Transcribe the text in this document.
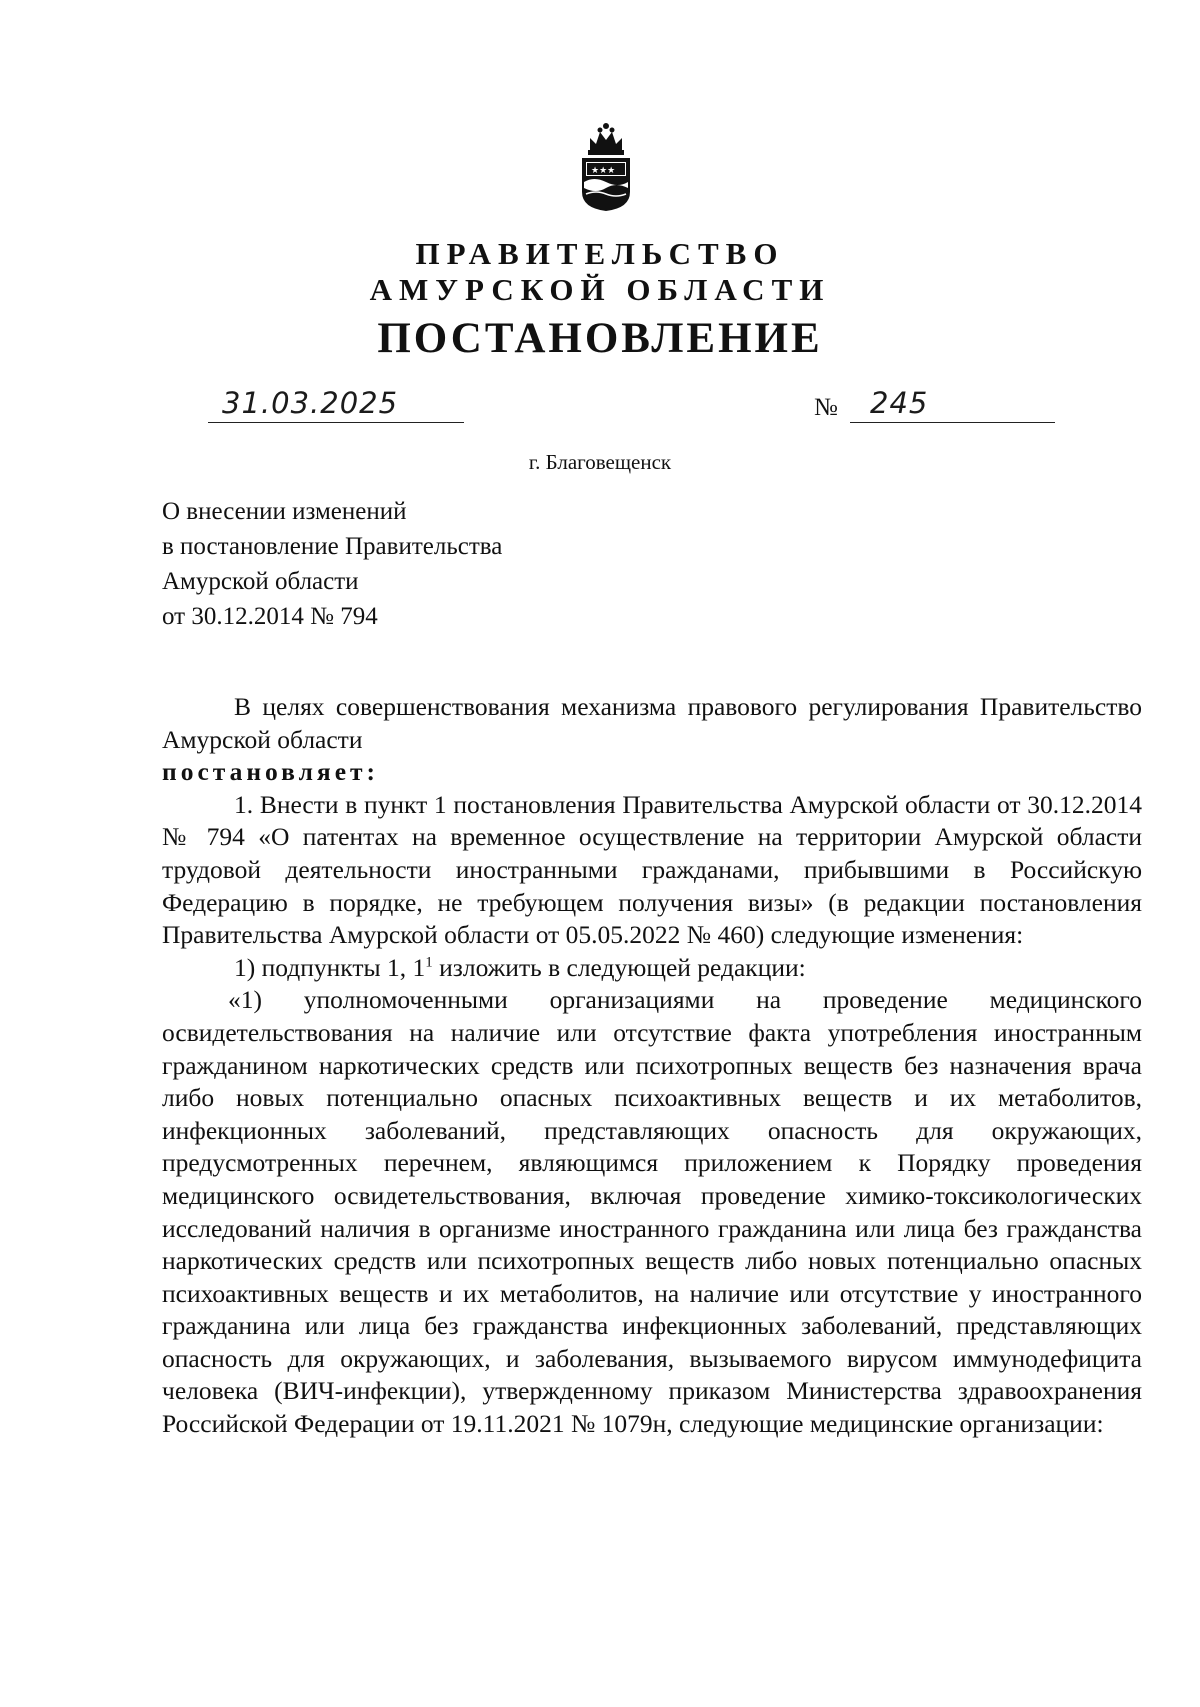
★★★
ПРАВИТЕЛЬСТВО
АМУРСКОЙ ОБЛАСТИ
ПОСТАНОВЛЕНИЕ
31.03.2025	№ 245
г. Благовещенск
О внесении изменений
в постановление Правительства
Амурской области
от 30.12.2014 № 794

В целях совершенствования механизма правового регулирования Правительство Амурской области

постановляет:

1. Внести в пункт 1 постановления Правительства Амурской области от 30.12.2014 № 794 «О патентах на временное осуществление на территории Амурской области трудовой деятельности иностранными гражданами, прибывшими в Российскую Федерацию в порядке, не требующем получения визы» (в редакции постановления Правительства Амурской области от 05.05.2022 № 460) следующие изменения:

1) подпункты 1, $1^1$ изложить в следующей редакции:

«1) уполномоченными организациями на проведение медицинского освидетельствования на наличие или отсутствие факта употребления иностранным гражданином наркотических средств или психотропных веществ без назначения врача либо новых потенциально опасных психоактивных веществ и их метаболитов, инфекционных заболеваний, представляющих опасность для окружающих, предусмотренных перечнем, являющимся приложением к Порядку проведения медицинского освидетельствования, включая проведение химико-токсикологических исследований наличия в организме иностранного гражданина или лица без гражданства наркотических средств или психотропных веществ либо новых потенциально опасных психоактивных веществ и их метаболитов, на наличие или отсутствие у иностранного гражданина или лица без гражданства инфекционных заболеваний, представляющих опасность для окружающих, и заболевания, вызываемого вирусом иммунодефицита человека (ВИЧ-инфекции), утвержденному приказом Министерства здравоохранения Российской Федерации от 19.11.2021 № 1079н, следующие медицинские организации:
